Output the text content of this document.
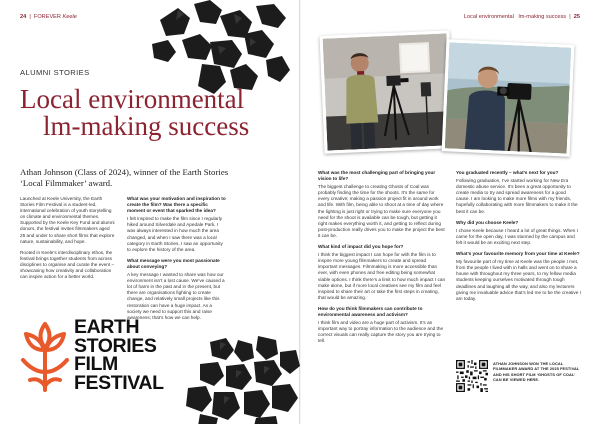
24  |  FOREVER Keele
ALUMNI STORIES
Local environmental
lm-making success
Athan Johnson (Class of 2024), winner of the Earth Stories ‘Local Filmmaker’ award.

Launched at Keele University, the Earth Stories Film Festival is a student-led, international celebration of youth storytelling on climate and environmental themes. Supported by the Keele Key Fund and alumni donors, the festival invites filmmakers aged 25 and under to share short films that explore nature, sustainability, and hope.

Rooted in Keele’s interdisciplinary ethos, the festival brings together students from across disciplines to organise and curate the event – showcasing how creativity and collaboration can inspire action for a better world.

What was your motivation and inspiration to create the film? Was there a specific moment or event that sparked the idea?

I felt inspired to make the film since I regularly hiked around Silverdale and Apedale Park. I was always interested in how much the area changed, and when I saw there was a local category in Earth Stories, I saw an opportunity to explore the history of the area.

What message were you most passionate about conveying?

A key message I wanted to share was how our environment isn’t a lost cause. We’ve caused a lot of harm in the past and in the present, but there are organisations fighting to create change, and relatively small projects like this restoration can have a huge impact. As a society we need to support this and raise awareness; that’s how we can help.

EARTH
STORIES
FILM
FESTIVAL
Local environmental lm-making success  |  25

What was the most challenging part of bringing your vision to life?

The biggest challenge to creating Ghosts of Coal was probably finding the time for the shoots. It’s the same for every creative; making a passion project fit in around work and life. With film, being able to shoot at a time of day where the lighting is just right or trying to make sure everyone you need for the shoot is available can be tough, but getting it right makes everything worth it, and getting to reflect during post-production really drives you to make the project the best it can be.

What kind of impact did you hope for?

I think the biggest impact I can hope for with the film is to inspire more young filmmakers to create and spread important messages. Filmmaking is more accessible than ever, with even phones and free editing being somewhat viable options. I think there’s a limit to how much impact I can make alone, but if more local creatives see my film and feel inspired to share their art or take the first steps in creating, that would be amazing.

How do you think filmmakers can contribute to environmental awareness and activism?

I think film and video are a huge part of activism. It’s an important way to portray information to the audience and the correct visuals can really capture the story you are trying to tell.

You graduated recently – what’s next for you?

Following graduation, I’ve started working for New Era domestic abuse service. It’s been a great opportunity to create media to try and spread awareness for a good cause. I am looking to make more films with my friends, hopefully collaborating with more filmmakers to make it the best it can be.

Why did you choose Keele?

I chose Keele because I heard a lot of great things. When I came for the open day, I was stunned by the campus and felt it would be an exciting next step.

What’s your favourite memory from your time at Keele?

My favourite part of my time at Keele was the people I met, from the people I lived with in halls and went on to share a house with throughout my three years, to my fellow media students keeping ourselves motivated through tough deadlines and laughing all the way, and also my lecturers giving me invaluable advice that’s led me to be the creative I am today.

ATHAN JOHNSON WON THE LOCAL FILMMAKER AWARD AT THE 2025 FESTIVAL AND HIS SHORT FILM ‘GHOSTS OF COAL’ CAN BE VIEWED HERE.
